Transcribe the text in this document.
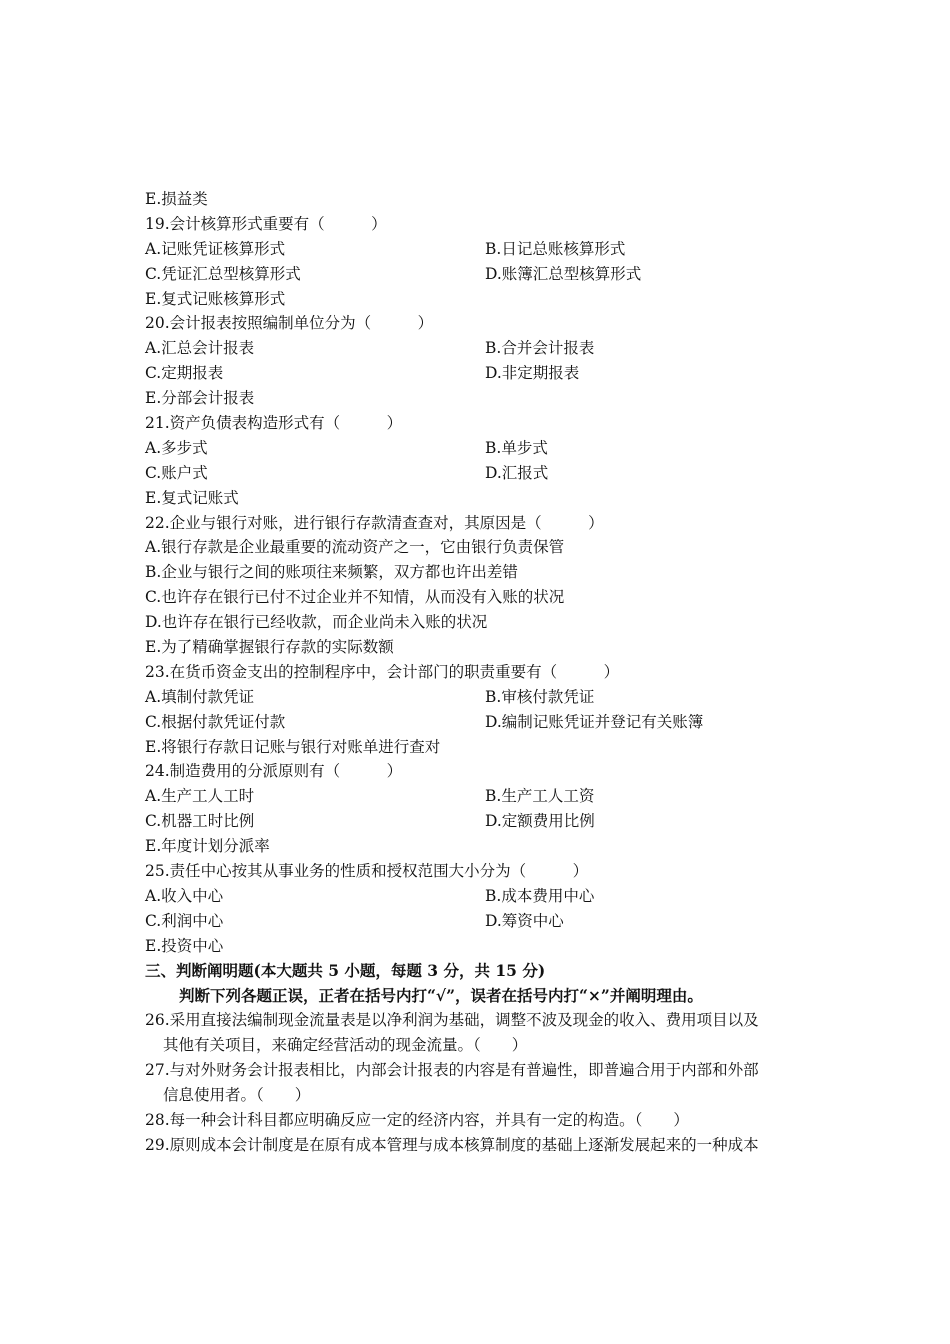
E.损益类
19.会计核算形式重要有（　　　）
A.记账凭证核算形式	B.日记总账核算形式
C.凭证汇总型核算形式	D.账簿汇总型核算形式
E.复式记账核算形式
20.会计报表按照编制单位分为（　　　）
A.汇总会计报表	B.合并会计报表
C.定期报表	D.非定期报表
E.分部会计报表
21.资产负债表构造形式有（　　　）
A.多步式	B.单步式
C.账户式	D.汇报式
E.复式记账式
22.企业与银行对账，进行银行存款清查查对，其原因是（　　　）
A.银行存款是企业最重要的流动资产之一，它由银行负责保管
B.企业与银行之间的账项往来频繁，双方都也许出差错
C.也许存在银行已付不过企业并不知情，从而没有入账的状况
D.也许存在银行已经收款，而企业尚未入账的状况
E.为了精确掌握银行存款的实际数额
23.在货币资金支出的控制程序中，会计部门的职责重要有（　　　）
A.填制付款凭证	B.审核付款凭证
C.根据付款凭证付款	D.编制记账凭证并登记有关账簿
E.将银行存款日记账与银行对账单进行查对
24.制造费用的分派原则有（　　　）
A.生产工人工时	B.生产工人工资
C.机器工时比例	D.定额费用比例
E.年度计划分派率
25.责任中心按其从事业务的性质和授权范围大小分为（　　　）
A.收入中心	B.成本费用中心
C.利润中心	D.筹资中心
E.投资中心
三、判断阐明题(本大题共 5 小题，每题 3 分，共 15 分)
判断下列各题正误，正者在括号内打“√”，误者在括号内打“×”并阐明理由。
26.采用直接法编制现金流量表是以净利润为基础，调整不波及现金的收入、费用项目以及
其他有关项目，来确定经营活动的现金流量。（　　）
27.与对外财务会计报表相比，内部会计报表的内容是有普遍性，即普遍合用于内部和外部
信息使用者。（　　）
28.每一种会计科目都应明确反应一定的经济内容，并具有一定的构造。（　　）
29.原则成本会计制度是在原有成本管理与成本核算制度的基础上逐渐发展起来的一种成本
